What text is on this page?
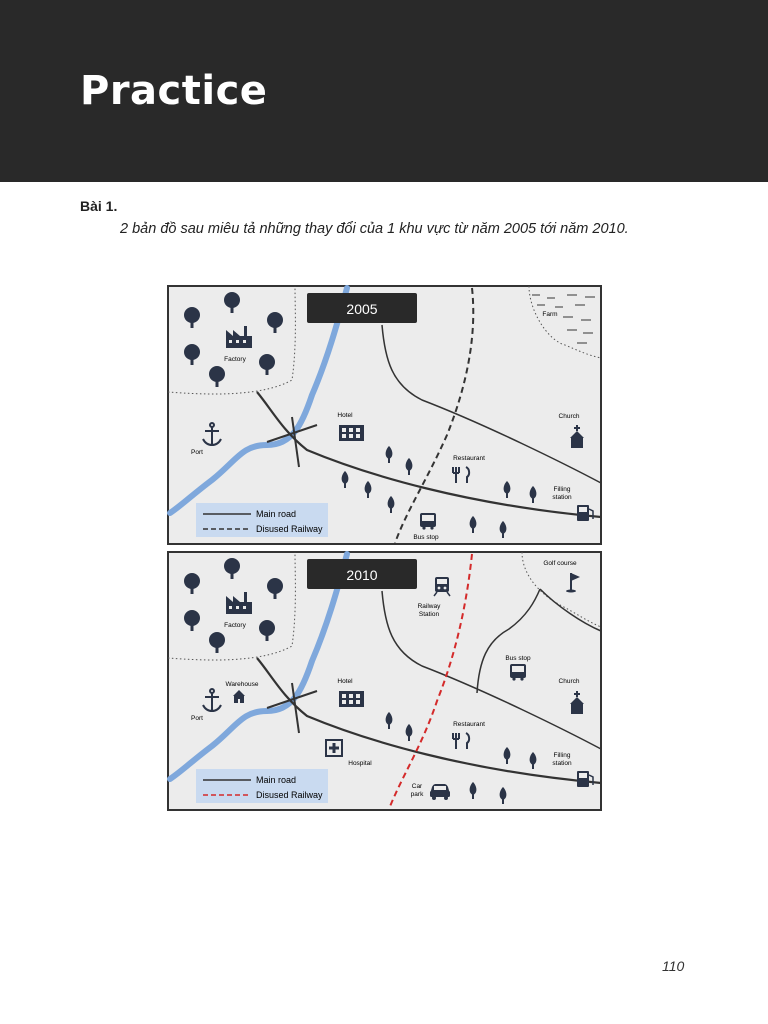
Practice
Bài 1.
2 bản đồ sau miêu tả những thay đổi của 1 khu vực từ năm 2005 tới năm 2010.
2005
Factory
Port
Hotel
Restaurant
Church
Filling
station
Bus stop
Farm
Main road
Disused Railway
2010
Factory
Warehouse
Port
Hotel
Hospital
Railway
Station
Golf course
Bus stop
Church
Restaurant
Filling
station
Car
park
Main road
Disused Railway
110
